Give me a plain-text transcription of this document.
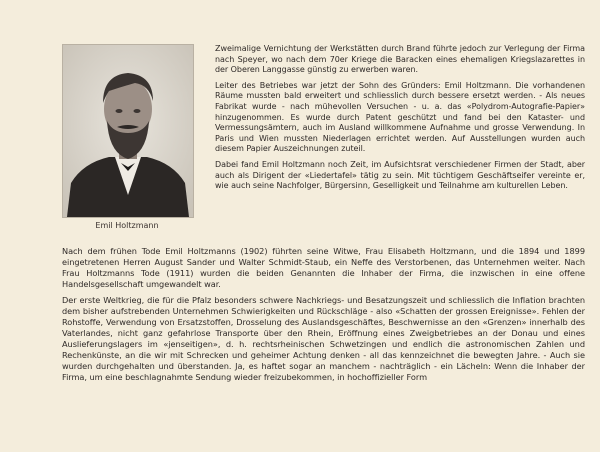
Emil Holtzmann

Zweimalige Vernichtung der Werkstätten durch Brand führte jedoch zur Verlegung der Firma nach Speyer, wo nach dem 70er Kriege die Baracken eines ehemaligen Kriegslazarettes in der Oberen Langgasse günstig zu erwerben waren.

Leiter des Betriebes war jetzt der Sohn des Gründers: Emil Holtzmann. Die vorhandenen Räume mussten bald erweitert und schliesslich durch bessere ersetzt werden. - Als neues Fabrikat wurde - nach mühevollen Versuchen - u. a. das «Polydrom-Autografie-Papier» hinzugenommen. Es wurde durch Patent geschützt und fand bei den Kataster- und Vermessungsämtern, auch im Ausland willkommene Aufnahme und grosse Verwendung. In Paris und Wien mussten Niederlagen errichtet werden. Auf Ausstellungen wurden auch diesem Papier Auszeichnungen zuteil.

Dabei fand Emil Holtzmann noch Zeit, im Aufsichtsrat verschiedener Firmen der Stadt, aber auch als Dirigent der «Liedertafel» tätig zu sein. Mit tüchtigem Geschäftseifer vereinte er, wie auch seine Nachfolger, Bürgersinn, Geselligkeit und Teilnahme am kulturellen Leben.

Nach dem frühen Tode Emil Holtzmanns (1902) führten seine Witwe, Frau Elisabeth Holtzmann, und die 1894 und 1899 eingetretenen Herren August Sander und Walter Schmidt-Staub, ein Neffe des Verstorbenen, das Unternehmen weiter. Nach Frau Holtzmanns Tode (1911) wurden die beiden Genannten die Inhaber der Firma, die inzwischen in eine offene Handelsgesellschaft umgewandelt war.

Der erste Weltkrieg, die für die Pfalz besonders schwere Nachkriegs- und Besatzungszeit und schliesslich die Inflation brachten dem bisher aufstrebenden Unternehmen Schwierigkeiten und Rückschläge - also «Schatten der grossen Ereignisse». Fehlen der Rohstoffe, Verwendung von Ersatzstoffen, Drosselung des Auslandsgeschäftes, Beschwernisse an den «Grenzen» innerhalb des Vaterlandes, nicht ganz gefahrlose Transporte über den Rhein, Eröffnung eines Zweigbetriebes an der Donau und eines Auslieferungslagers im «jenseitigen», d. h. rechtsrheinischen Schwetzingen und endlich die astronomischen Zahlen und Rechenkünste, an die wir mit Schrecken und geheimer Achtung denken - all das kennzeichnet die bewegten Jahre. - Auch sie wurden durchgehalten und überstanden. Ja, es haftet sogar an manchem - nachträglich - ein Lächeln: Wenn die Inhaber der Firma, um eine beschlagnahmte Sendung wieder freizubekommen, in hochoffizieller Form
